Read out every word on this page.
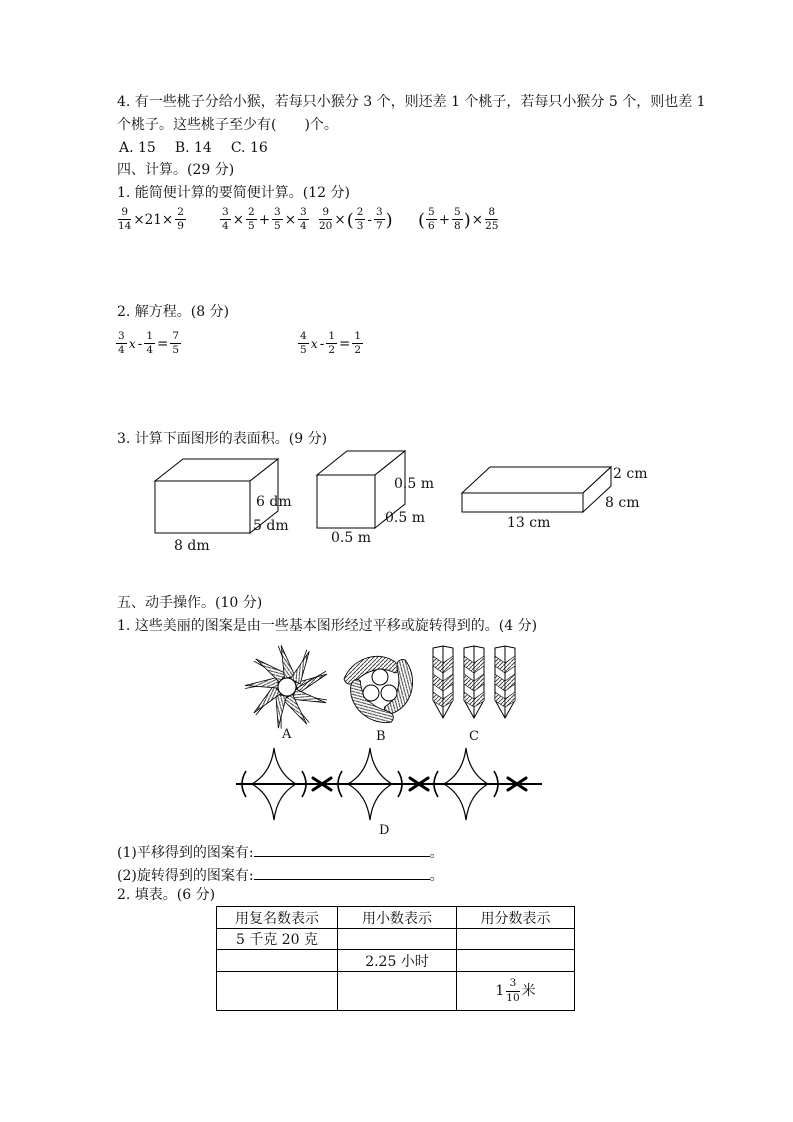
4. 有一些桃子分给小猴，若每只小猴分 3 个，则还差 1 个桃子，若每只小猴分 5 个，则也差 1
个桃子。这些桃子至少有(　　)个。
A. 15 B. 14 C. 16
四、计算。(29 分)
1. 能简便计算的要简便计算。(12 分)
$\frac{9}{14} \times 21\times \frac{2}{9}$	$\frac{3}{4} \times \frac{2}{5} + \frac{3}{5} \times \frac{3}{4} \frac{9}{20}$ ×( $\frac{2}{3} - \frac{3}{7}$ ) ( $\frac{5}{6} + \frac{5}{8}$ )× $\frac{8}{25}$
2. 解方程。(8 分)
$\frac{3}{4}$ $x - \frac{1}{4} = \frac{7}{5}$	$\frac{4}{5}$ $x - \frac{1}{2} = \frac{1}{2}$
3. 计算下面图形的表面积。(9 分)
6 dm
5 dm
8 dm
0.5 m
0.5 m
0.5 m
2 cm
8 cm
13 cm
五、动手操作。(10 分)
1. 这些美丽的图案是由一些基本图形经过平移或旋转得到的。(4 分)
A	B	C
D
(1)平移得到的图案有:	。
(2)旋转得到的图案有:	。
2. 填表。(6 分)
用复名数表示	用小数表示	用分数表示
5 千克 20 克		
	2.25 小时	
		$1 \frac{3}{10}$ 米
